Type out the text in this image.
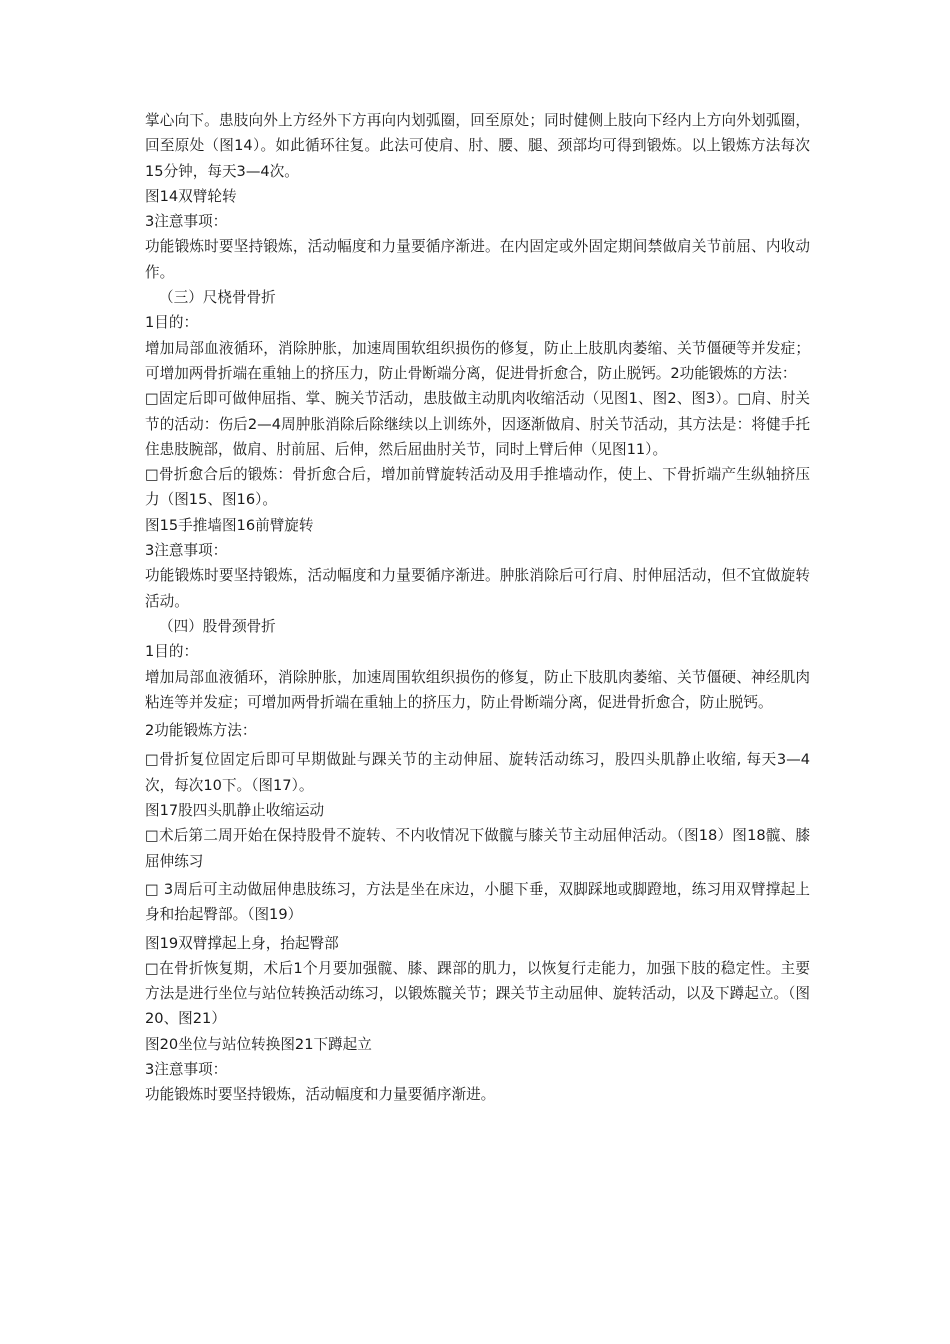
掌心向下。患肢向外上方经外下方再向内划弧圈，回至原处；同时健侧上肢向下经内上方向外划弧圈，回至原处（图14）。如此循环往复。此法可使肩、肘、腰、腿、颈部均可得到锻炼。以上锻炼方法每次15分钟，每天3—4次。

图14双臂轮转

3注意事项：

功能锻炼时要坚持锻炼，活动幅度和力量要循序渐进。在内固定或外固定期间禁做肩关节前屈、内收动作。

（三）尺桡骨骨折

1目的：

增加局部血液循环，消除肿胀，加速周围软组织损伤的修复，防止上肢肌肉萎缩、关节僵硬等并发症；可增加两骨折端在重轴上的挤压力，防止骨断端分离，促进骨折愈合，防止脱钙。2功能锻炼的方法：

□固定后即可做伸屈指、掌、腕关节活动，患肢做主动肌肉收缩活动（见图1、图2、图3）。□肩、肘关节的活动：伤后2—4周肿胀消除后除继续以上训练外，因逐渐做肩、肘关节活动，其方法是：将健手托住患肢腕部，做肩、肘前屈、后伸，然后屈曲肘关节，同时上臂后伸（见图11）。

□骨折愈合后的锻炼：骨折愈合后，增加前臂旋转活动及用手推墙动作，使上、下骨折端产生纵轴挤压力（图15、图16）。

图15手推墙图16前臂旋转

3注意事项：

功能锻炼时要坚持锻炼，活动幅度和力量要循序渐进。肿胀消除后可行肩、肘伸屈活动，但不宜做旋转活动。

（四）股骨颈骨折

1目的：

增加局部血液循环，消除肿胀，加速周围软组织损伤的修复，防止下肢肌肉萎缩、关节僵硬、神经肌肉粘连等并发症；可增加两骨折端在重轴上的挤压力，防止骨断端分离，促进骨折愈合，防止脱钙。

2功能锻炼方法：

□骨折复位固定后即可早期做趾与踝关节的主动伸屈、旋转活动练习，股四头肌静止收缩, 每天3—4次，每次10下。（图17）。

图17股四头肌静止收缩运动

□术后第二周开始在保持股骨不旋转、不内收情况下做髋与膝关节主动屈伸活动。（图18）图18髋、膝屈伸练习

□ 3周后可主动做屈伸患肢练习，方法是坐在床边，小腿下垂，双脚踩地或脚蹬地，练习用双臂撑起上身和抬起臀部。（图19）

图19双臂撑起上身，抬起臀部

□在骨折恢复期，术后1个月要加强髋、膝、踝部的肌力，以恢复行走能力，加强下肢的稳定性。主要方法是进行坐位与站位转换活动练习，以锻炼髋关节；踝关节主动屈伸、旋转活动，以及下蹲起立。（图20、图21）

图20坐位与站位转换图21下蹲起立

3注意事项：

功能锻炼时要坚持锻炼，活动幅度和力量要循序渐进。
